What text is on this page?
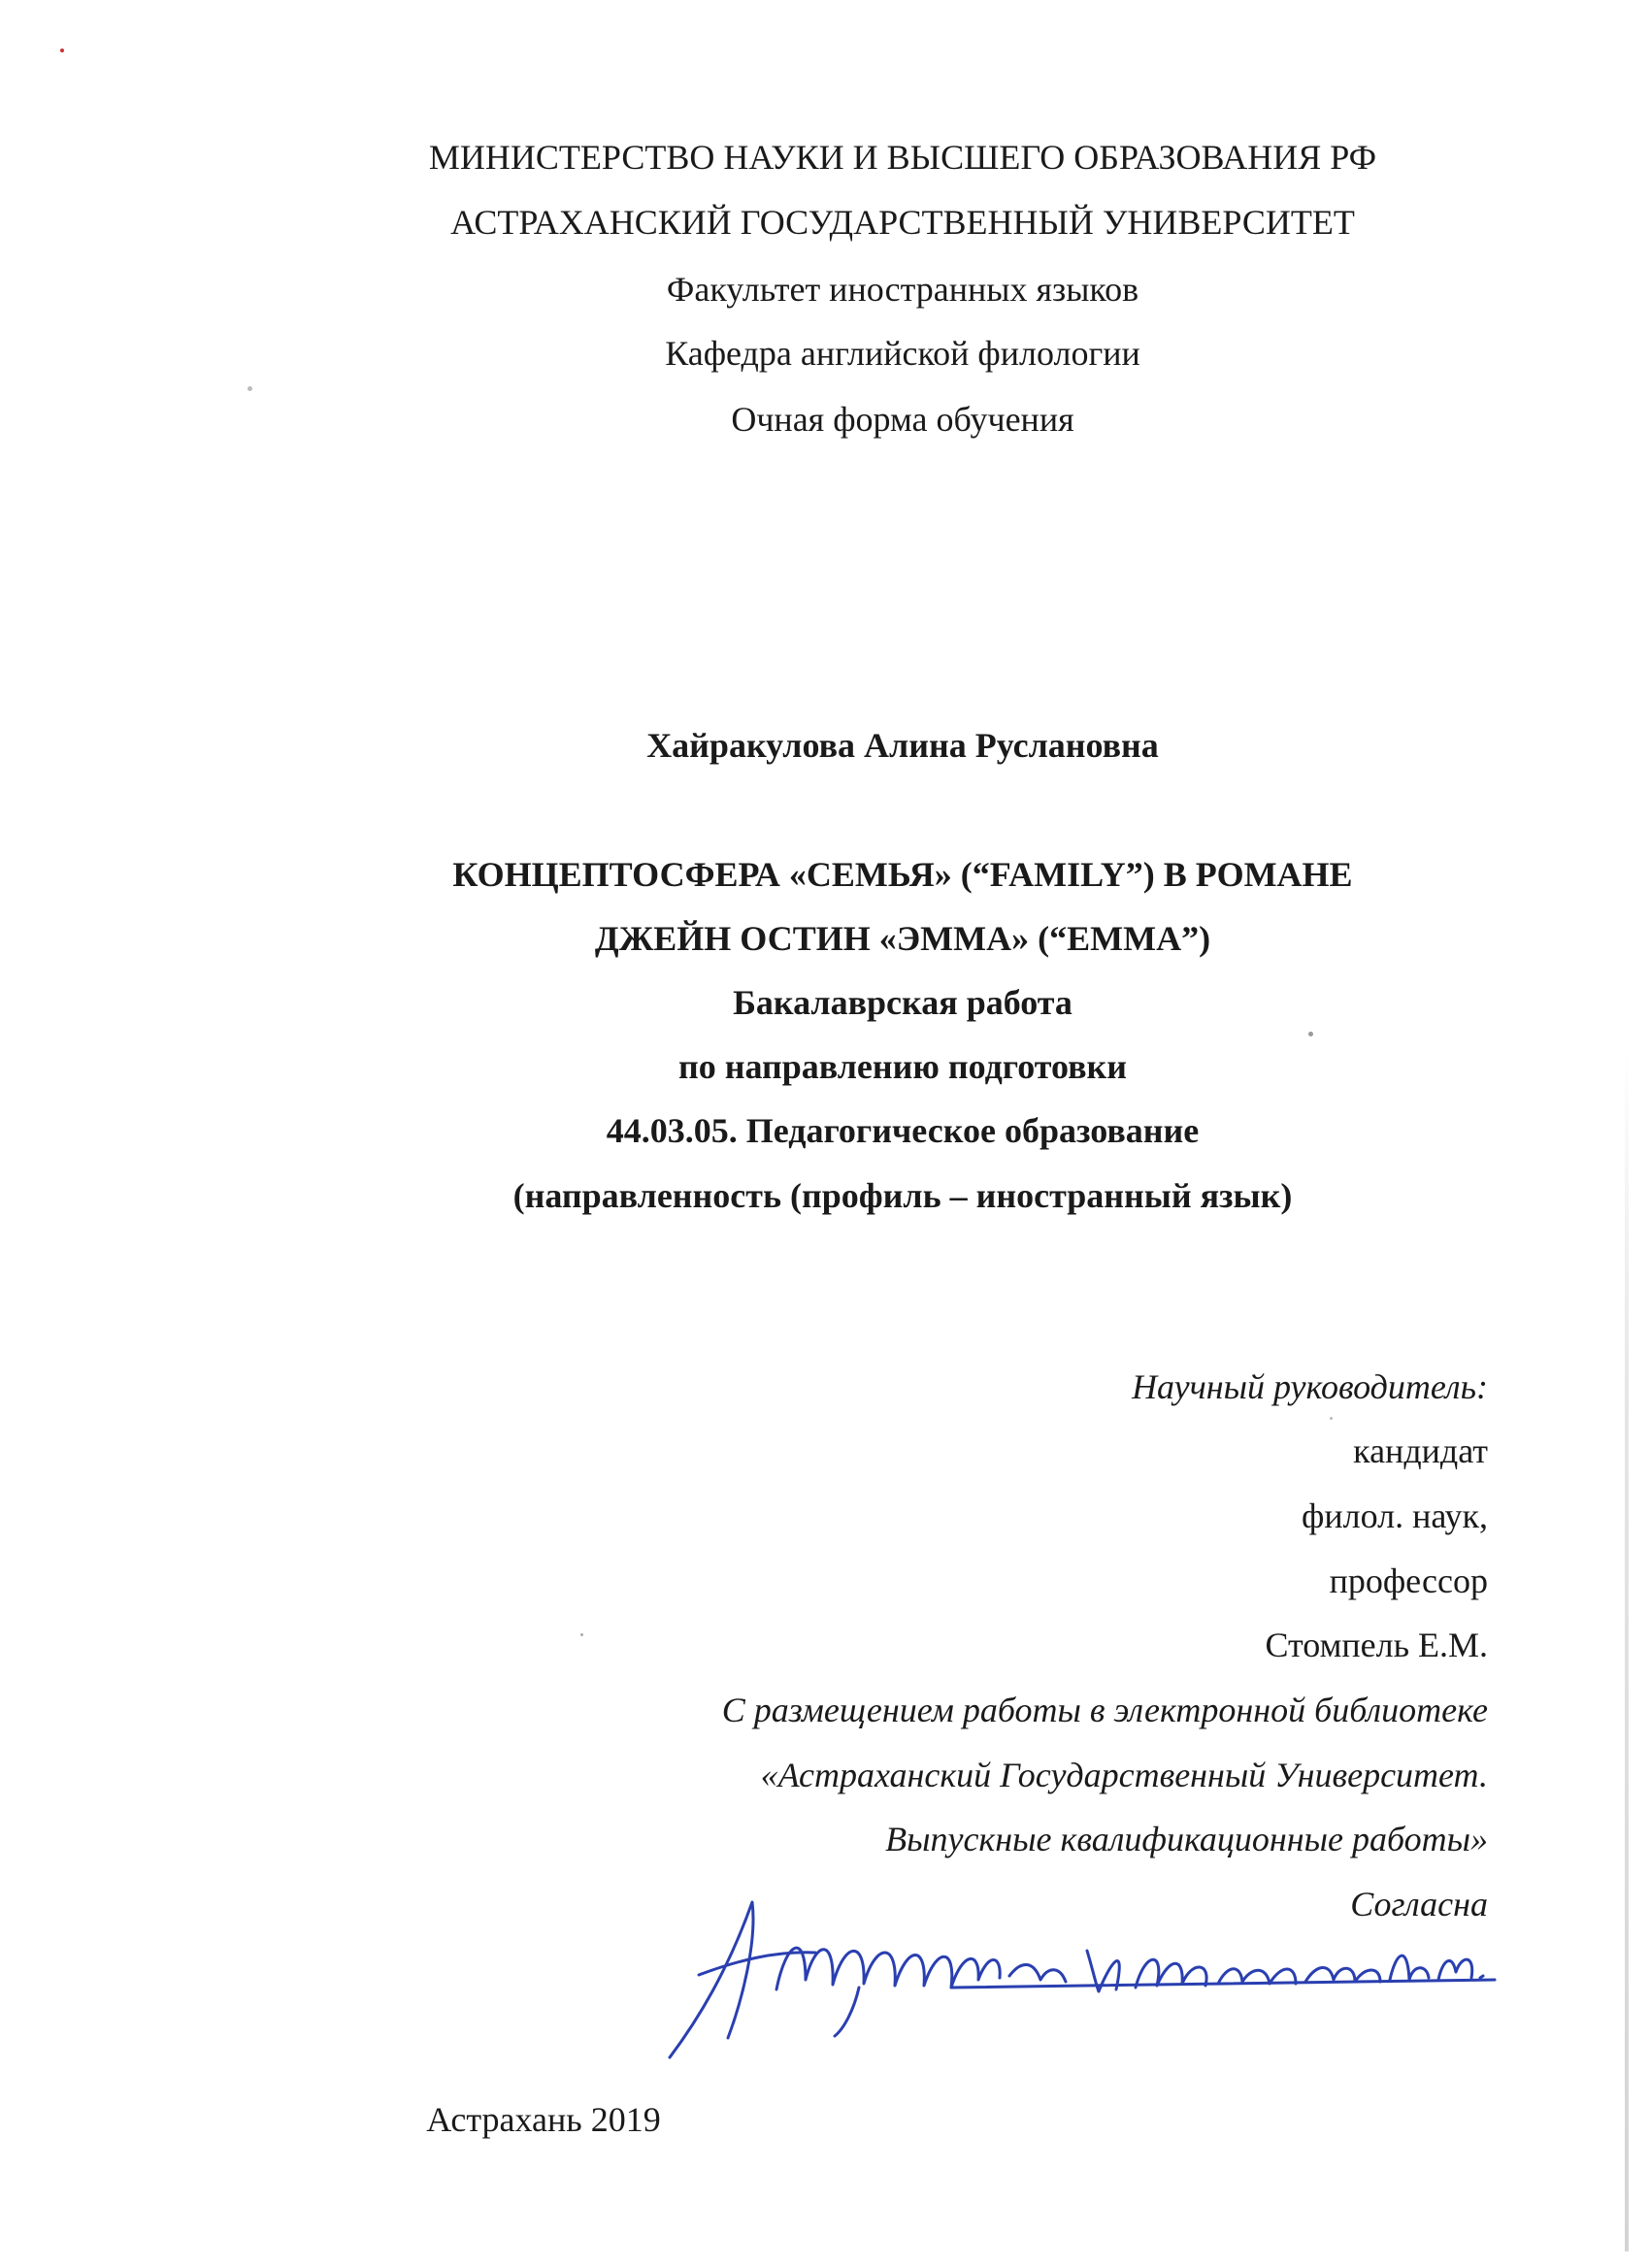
МИНИСТЕРСТВО НАУКИ И ВЫСШЕГО ОБРАЗОВАНИЯ РФ
АСТРАХАНСКИЙ ГОСУДАРСТВЕННЫЙ УНИВЕРСИТЕТ
Факультет иностранных языков
Кафедра английской филологии
Очная форма обучения
Хайракулова Алина Руслановна
КОНЦЕПТОСФЕРА «СЕМЬЯ» (“FAMILY”) В РОМАНЕ
ДЖЕЙН ОСТИН «ЭММА» (“EMMA”)
Бакалаврская работа
по направлению подготовки
44.03.05. Педагогическое образование
(направленность (профиль – иностранный язык)
Научный руководитель:
кандидат
филол. наук,
профессор
Стомпель Е.М.
С размещением работы в электронной библиотеке
«Астраханский Государственный Университет.
Выпускные квалификационные работы»
Согласна
Астрахань 2019
